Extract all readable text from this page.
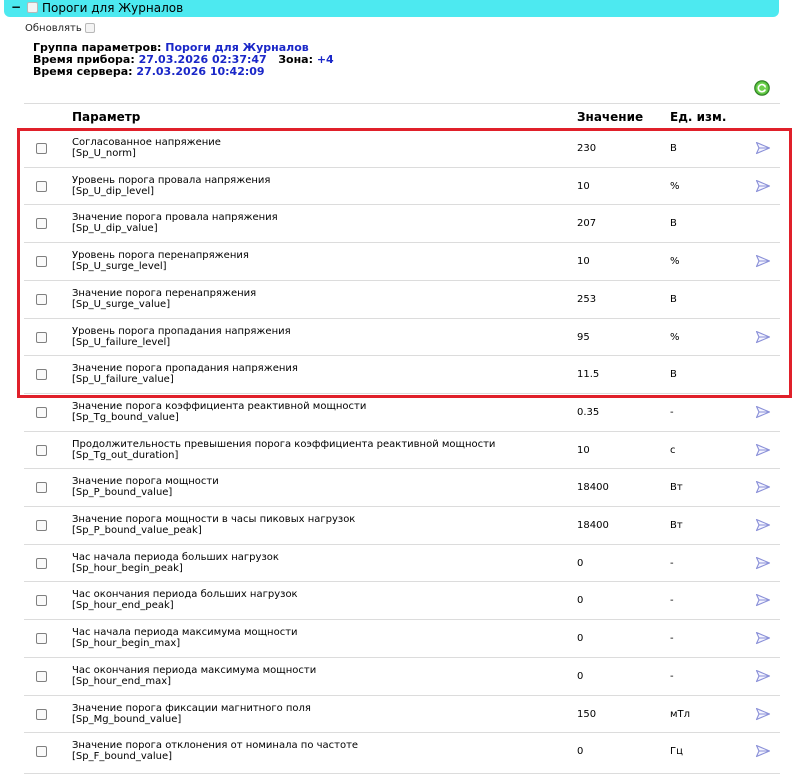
− Пороги для Журналов
Обновлять
Группа параметров: Пороги для Журналов
Время прибора: 27.03.2026 02:37:47 Зона: +4
Время сервера: 27.03.2026 10:42:09
Параметр	Значение Ед. изм.
Согласованное напряжение
[Sp_U_norm]	230	В
Уровень порога провала напряжения
[Sp_U_dip_level]	10	%
Значение порога провала напряжения
[Sp_U_dip_value]	207	В
Уровень порога перенапряжения
[Sp_U_surge_level]	10	%
Значение порога перенапряжения
[Sp_U_surge_value]	253	В
Уровень порога пропадания напряжения
[Sp_U_failure_level]	95	%
Значение порога пропадания напряжения
[Sp_U_failure_value]	11.5	В
Значение порога коэффициента реактивной мощности
[Sp_Tg_bound_value]	0.35	-
Продолжительность превышения порога коэффициента реактивной мощности
[Sp_Tg_out_duration]	10	с
Значение порога мощности
[Sp_P_bound_value]	18400	Вт
Значение порога мощности в часы пиковых нагрузок
[Sp_P_bound_value_peak]	18400	Вт
Час начала периода больших нагрузок
[Sp_hour_begin_peak]	0	-
Час окончания периода больших нагрузок
[Sp_hour_end_peak]	0	-
Час начала периода максимума мощности
[Sp_hour_begin_max]	0	-
Час окончания периода максимума мощности
[Sp_hour_end_max]	0	-
Значение порога фиксации магнитного поля
[Sp_Mg_bound_value]	150	мТл
Значение порога отклонения от номинала по частоте
[Sp_F_bound_value]	0	Гц
